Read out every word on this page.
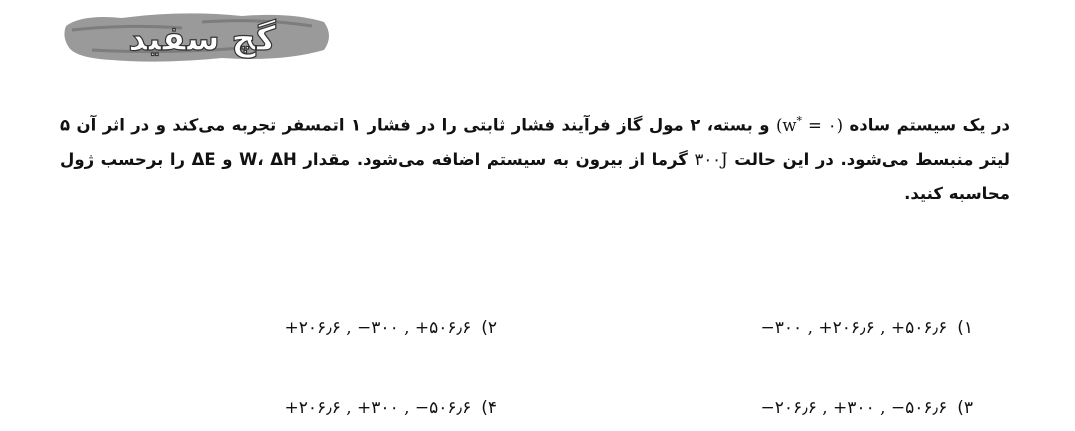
گچ سفید
در یک سیستم ساده (w* = ۰) و بسته، ۲ مول گاز فرآیند فشار ثابتی را در فشار ۱ اتمسفر تجربه می‌کند و در اثر آن ۵ لیتر منبسط می‌شود. در این حالت ۳۰۰J گرما از بیرون به سیستم اضافه می‌شود. مقدار W، ΔH و ΔE را برحسب ژول محاسبه کنید.
۱)
−۳۰۰ , +۲۰۶٫۶ , +۵۰۶٫۶
۲)
+۲۰۶٫۶ , −۳۰۰ , +۵۰۶٫۶
۳)
−۲۰۶٫۶ , +۳۰۰ , −۵۰۶٫۶
۴)
+۲۰۶٫۶ , +۳۰۰ , −۵۰۶٫۶
